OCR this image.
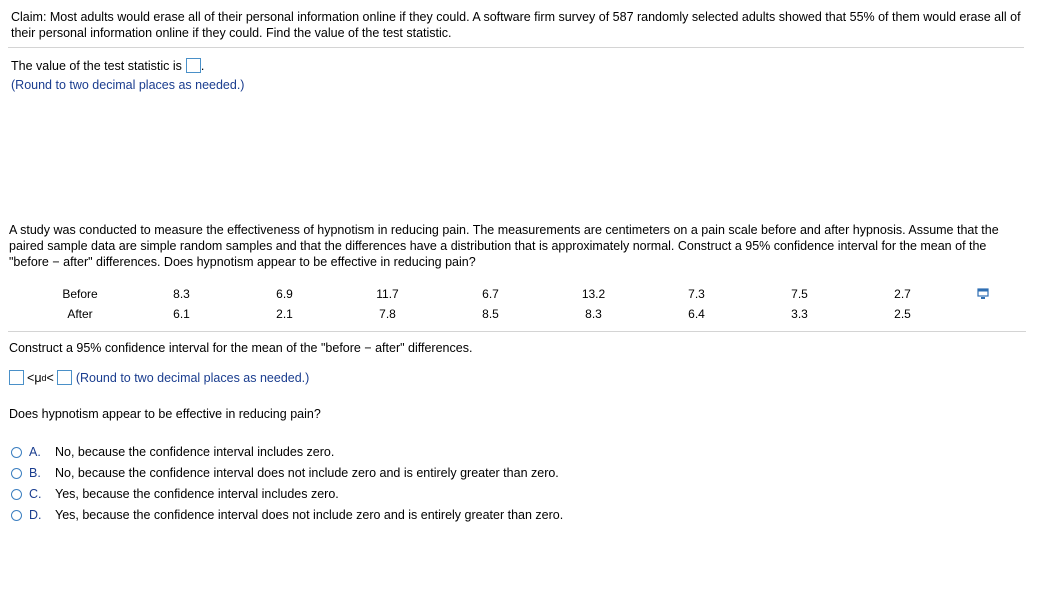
Claim: Most adults would erase all of their personal information online if they could. A software firm survey of 587 randomly selected adults showed that 55% of them would erase all of their personal information online if they could. Find the value of the test statistic.
The value of the test statistic is .
(Round to two decimal places as needed.)
A study was conducted to measure the effectiveness of hypnotism in reducing pain. The measurements are centimeters on a pain scale before and after hypnosis. Assume that the paired sample data are simple random samples and that the differences have a distribution that is approximately normal. Construct a 95% confidence interval for the mean of the "before − after" differences. Does hypnotism appear to be effective in reducing pain?
Before	8.3	6.9	11.7	6.7	13.2	7.3	7.5	2.7
After	6.1	2.1	7.8	8.5	8.3	6.4	3.3	2.5
Construct a 95% confidence interval for the mean of the "before − after" differences.
< μ d < (Round to two decimal places as needed.)
Does hypnotism appear to be effective in reducing pain?
A.	No, because the confidence interval includes zero.
B.	No, because the confidence interval does not include zero and is entirely greater than zero.
C.	Yes, because the confidence interval includes zero.
D.	Yes, because the confidence interval does not include zero and is entirely greater than zero.
